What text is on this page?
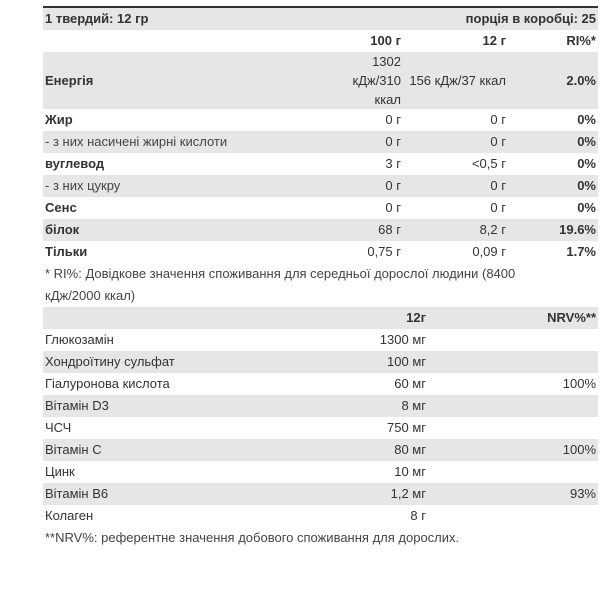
1 твердий: 12 гр	порція в коробці: 25
	100 г	12 г	RI%*
Енергія	1302
кДж/310
ккал	156 кДж/37 ккал	2.0%
Жир	0 г	0 г	0%
- з них насичені жирні кислоти	0 г	0 г	0%
вуглевод	3 г	<0,5 г	0%
- з них цукру	0 г	0 г	0%
Сенс	0 г	0 г	0%
білок	68 г	8,2 г	19.6%
Тільки	0,75 г	0,09 г	1.7%
* RI%: Довідкове значення споживання для середньої дорослої людини (8400 кДж/2000 ккал)
	12г	NRV%**
Глюкозамін	1300 мг	
Хондроїтину сульфат	100 мг	
Гіалуронова кислота	60 мг	100%
Вітамін D3	8 мг	
ЧСЧ	750 мг	
Вітамін C	80 мг	100%
Цинк	10 мг	
Вітамін B6	1,2 мг	93%
Колаген	8 г	
**NRV%: референтне значення добового споживання для дорослих.
